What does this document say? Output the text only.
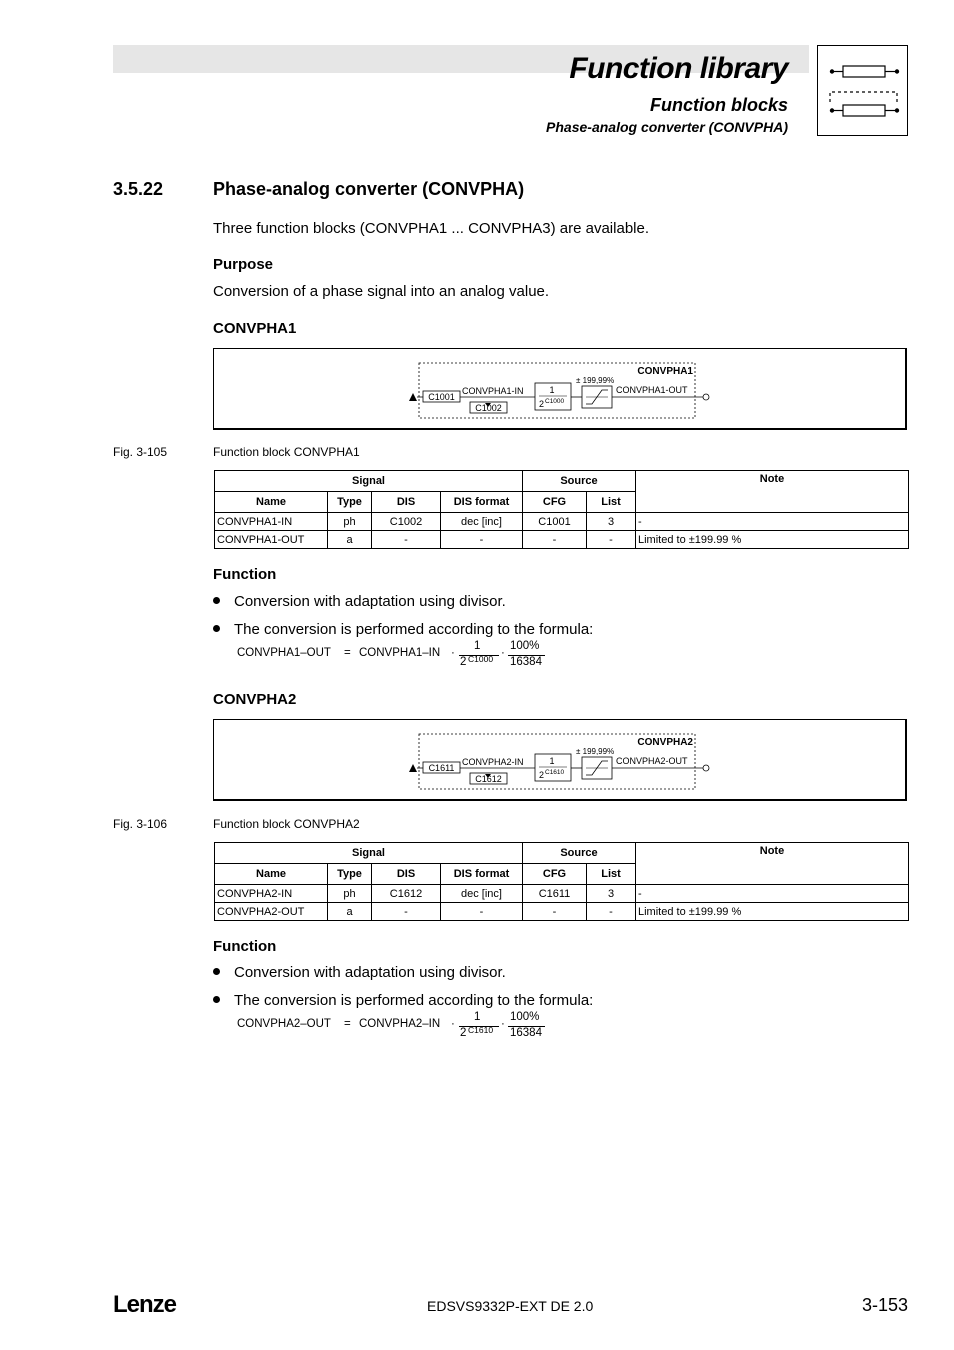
Function library
Function blocks
Phase-analog converter (CONVPHA)
3.5.22	Phase-analog converter (CONVPHA)
Three function blocks (CONVPHA1 ... CONVPHA3) are available.
Purpose
Conversion of a phase signal into an analog value.
CONVPHA1
CONVPHA1
C1001
CONVPHA1-IN
C1002
1
2 C1000
± 199,99%
CONVPHA1-OUT
Fig. 3-105	Function block CONVPHA1
Signal				Source		Note
Name	Type	DIS	DIS format	CFG	List	
CONVPHA1-IN	ph	C1002	dec [inc]	C1001	3	-
CONVPHA1-OUT	a	-	-	-	-	Limited to ±199.99 %
Function
Conversion with adaptation using divisor.
The conversion is performed according to the formula:
CONVPHA1–OUT = CONVPHA1–IN ·
1
2 C1000 ·
100%
16384
CONVPHA2
CONVPHA2
C1611
CONVPHA2-IN
C1612
1
2 C1610
± 199,99%
CONVPHA2-OUT
Fig. 3-106	Function block CONVPHA2
Signal				Source		Note
Name	Type	DIS	DIS format	CFG	List	
CONVPHA2-IN	ph	C1612	dec [inc]	C1611	3	-
CONVPHA2-OUT	a	-	-	-	-	Limited to ±199.99 %
Function
Conversion with adaptation using divisor.
The conversion is performed according to the formula:
CONVPHA2–OUT = CONVPHA2–IN ·
1
2 C1610 ·
100%
16384
Lenze	EDSVS9332P-EXT DE 2.0	3-153
